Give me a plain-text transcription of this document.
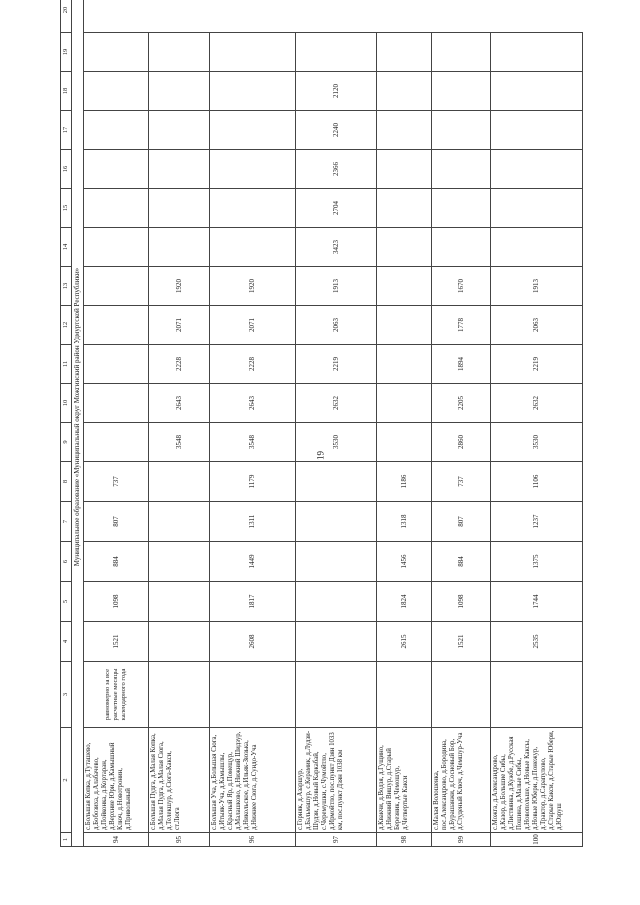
19
1	2	3	4	5	6	7	8	9	10	11	12	13	14	15	16	17	18	19	20
Муниципальное образование «Муниципальный округ Можгинский район Удмуртской Республики»																			
94	с.Большая Копка, д.Туташево, д.Бобозиха, д.Алабачево, д.Пойконка, д.Кортаран, д.Верхние Юри, д.Камышный Ключ, д.Новотронин, д.Привольный	равномерно за все расчетные месяцы календарного года	1521	1098	884	807	737												
95	с.Большая Пудга, д.Малая Копка, д.Малая Пудга, д.Малая Сюга, д.Телекшур, д.Сюга-Какси, ст.Люга							3548	2643	2228	2071	1920							
96	с.Большая Уча, д.Большая Сюга, д.Итыяк-Уча, д.Камышлы, с.Красный Яр, д.Помещур, д.Малашково, д.Нижний Шидзур, д.Никольское, д.Ильяк-Зюзька, д.Нижнее Сюга, д.Сундо-Уча		2608	1817	1449	1311	1179	3548	2643	2228	2071	1920							
97	с.Горняк, д.Азаршур, д.Бальмашур, с.Керамик, д.Лудзи-Шудзи, д.Новый Каркабай, с.Черемушки, с.Чумойтло, д.Ирмойтло, пос.пункт Дзян 1033 км, пос.пункт Дзян 1038 км							3530	2632	2219	2063	1913	3423	2704	2366	2240	2120		
98	д.Квакчи, д.Водзя, д.Гущино, д.Нижний Вишур, д.Старый Березник, д.Чемошур, д.Четвертые Какси		2615	1824	1456	1318	1186												
99	с.Малая Волошенка, пос.Александрово, д.Бородина, д.Бурашанжи, д.Сосновый Бор, д.Студеный Ключ, д.Чемшур-Уча		1521	1098	884	807	737	2860	2205	1894	1778	1670							
100	с.Можга, д.Александрово, д.Казор, д.Большие Сибы, д.Листвянка, д.Кужбе, д.Русская Пошина, д.Малые Сибы, д.Новопольше, д.Новые Каксы, д.Новые Юбери, д.Понежур, д.Трактор, д.Сарапулово, д.Старые Какси, д.Старые Юбери, д.Юзруш		2535	1744	1375	1237	1106	3530	2632	2219	2063	1913							
